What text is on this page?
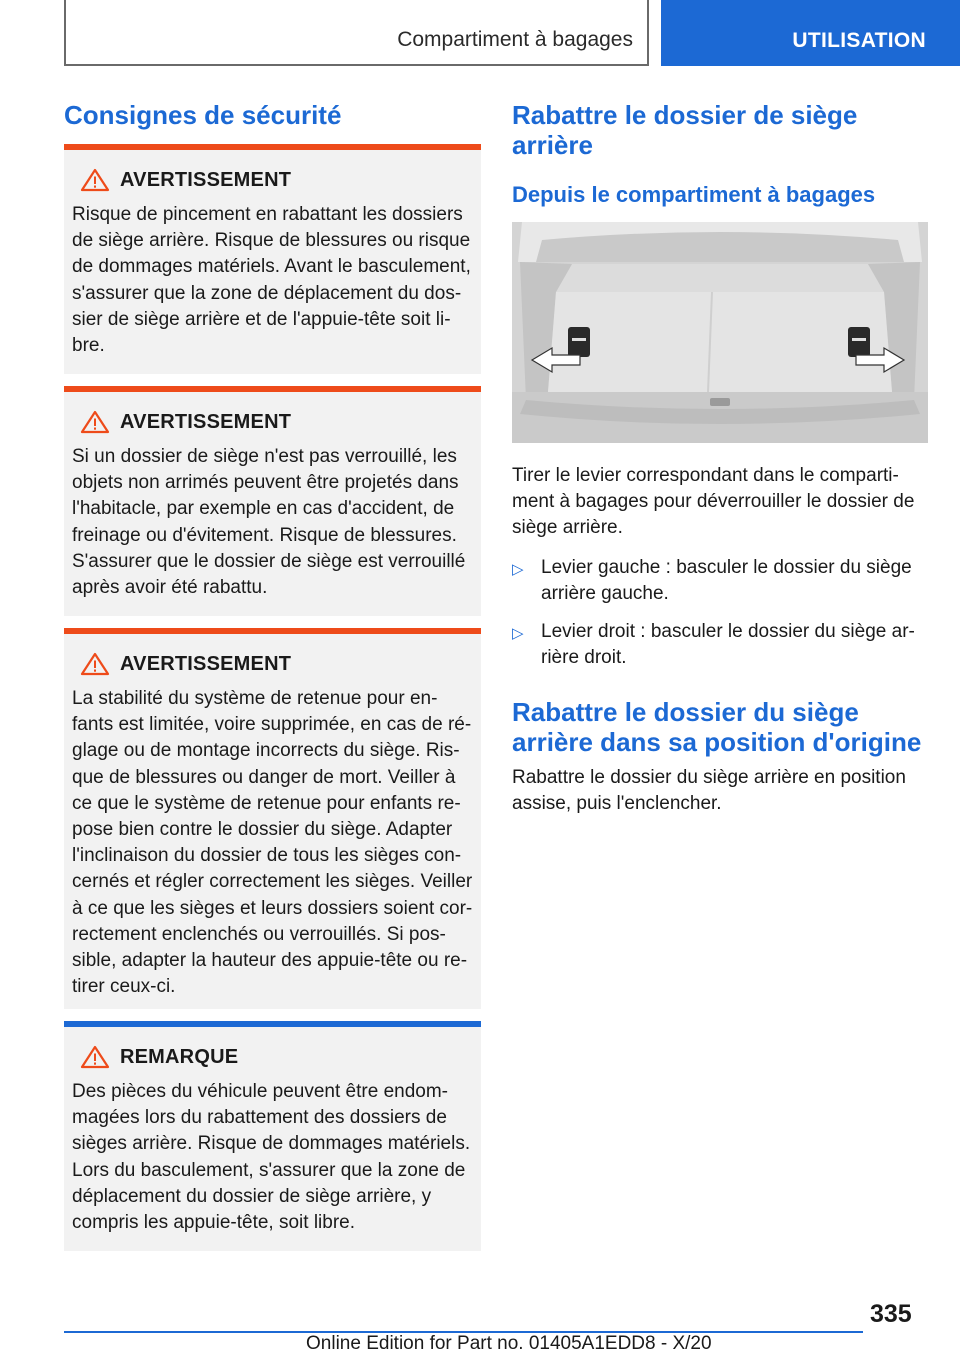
Compartiment à bagages	UTILISATION
Consignes de sécurité
AVERTISSEMENT
Risque de pincement en rabattant les dossiers
de siège arrière. Risque de blessures ou risque
de dommages matériels. Avant le basculement,
s'assurer que la zone de déplacement du dos‐
sier de siège arrière et de l'appuie-tête soit li‐
bre.
AVERTISSEMENT
Si un dossier de siège n'est pas verrouillé, les
objets non arrimés peuvent être projetés dans
l'habitacle, par exemple en cas d'accident, de
freinage ou d'évitement. Risque de blessures.
S'assurer que le dossier de siège est verrouillé
après avoir été rabattu.
AVERTISSEMENT
La stabilité du système de retenue pour en‐
fants est limitée, voire supprimée, en cas de ré‐
glage ou de montage incorrects du siège. Ris‐
que de blessures ou danger de mort. Veiller à
ce que le système de retenue pour enfants re‐
pose bien contre le dossier du siège. Adapter
l'inclinaison du dossier de tous les sièges con‐
cernés et régler correctement les sièges. Veiller
à ce que les sièges et leurs dossiers soient cor‐
rectement enclenchés ou verrouillés. Si pos‐
sible, adapter la hauteur des appuie-tête ou re‐
tirer ceux-ci.
REMARQUE
Des pièces du véhicule peuvent être endom‐
magées lors du rabattement des dossiers de
sièges arrière. Risque de dommages matériels.
Lors du basculement, s'assurer que la zone de
déplacement du dossier de siège arrière, y
compris les appuie-tête, soit libre.
Rabattre le dossier de siège
arrière
Depuis le compartiment à bagages
Tirer le levier correspondant dans le comparti‐
ment à bagages pour déverrouiller le dossier de
siège arrière.
▷ Levier gauche : basculer le dossier du siège
arrière gauche.
▷ Levier droit : basculer le dossier du siège ar‐
rière droit.
Rabattre le dossier du siège
arrière dans sa position d'origine
Rabattre le dossier du siège arrière en position
assise, puis l'enclencher.
335
Online Edition for Part no. 01405A1EDD8 - X/20
